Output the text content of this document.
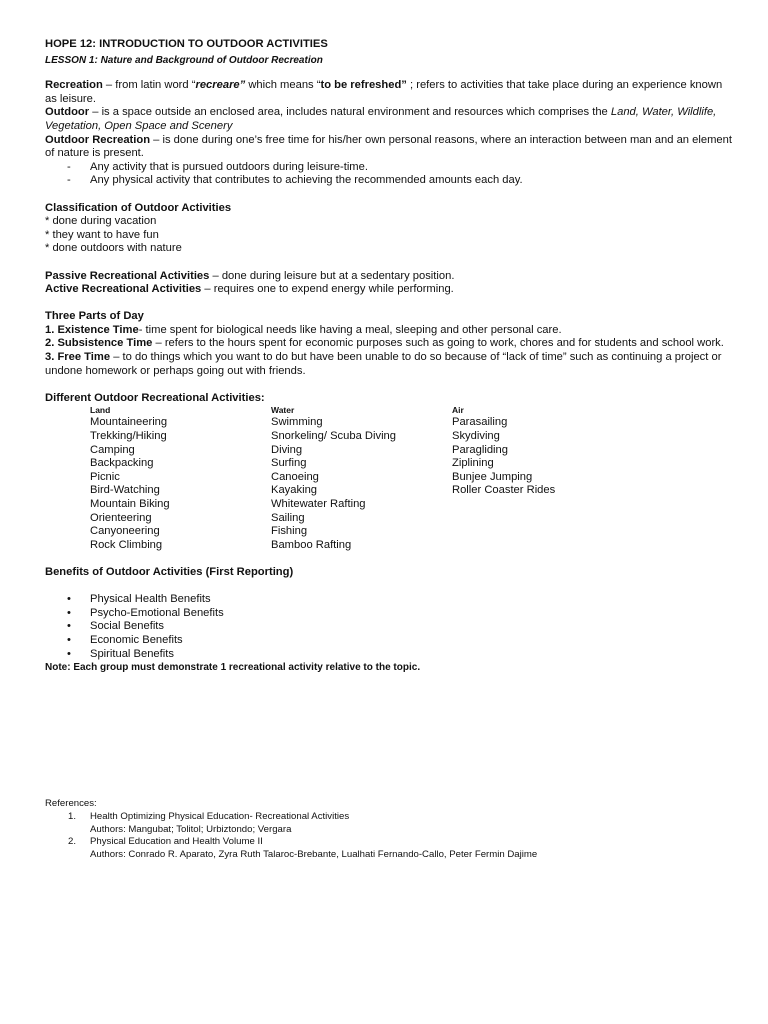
HOPE 12: INTRODUCTION TO OUTDOOR ACTIVITIES

LESSON 1: Nature and Background of Outdoor Recreation

Recreation – from latin word “recreare” which means “to be refreshed” ; refers to activities that take place during an experience known as leisure.

Outdoor – is a space outside an enclosed area, includes natural environment and resources which comprises the Land, Water, Wildlife, Vegetation, Open Space and Scenery

Outdoor Recreation – is done during one’s free time for his/her own personal reasons, where an interaction between man and an element of nature is present.

- Any activity that is pursued outdoors during leisure-time.
- Any physical activity that contributes to achieving the recommended amounts each day.

Classification of Outdoor Activities

* done during vacation

* they want to have fun

* done outdoors with nature

Passive Recreational Activities – done during leisure but at a sedentary position.

Active Recreational Activities – requires one to expend energy while performing.

Three Parts of Day

1. Existence Time- time spent for biological needs like having a meal, sleeping and other personal care.

2. Subsistence Time – refers to the hours spent for economic purposes such as going to work, chores and for students and school work.

3. Free Time – to do things which you want to do but have been unable to do so because of “lack of time” such as continuing a project or undone homework or perhaps going out with friends.

Different Outdoor Recreational Activities:

Land	Water	Air
Mountaineering	Swimming	Parasailing
Trekking/Hiking	Snorkeling/ Scuba Diving	Skydiving
Camping	Diving	Paragliding
Backpacking	Surfing	Ziplining
Picnic	Canoeing	Bunjee Jumping
Bird-Watching	Kayaking	Roller Coaster Rides
Mountain Biking	Whitewater Rafting
Orienteering	Sailing
Canyoneering	Fishing
Rock Climbing	Bamboo Rafting

Benefits of Outdoor Activities (First Reporting)

• Physical Health Benefits
• Psycho-Emotional Benefits
• Social Benefits
• Economic Benefits
• Spiritual Benefits

Note: Each group must demonstrate 1 recreational activity relative to the topic.

References:

1. Health Optimizing Physical Education- Recreational Activities
Authors: Mangubat; Tolitol; Urbiztondo; Vergara
2. Physical Education and Health Volume II
Authors: Conrado R. Aparato, Zyra Ruth Talaroc-Brebante, Lualhati Fernando-Callo, Peter Fermin Dajime
